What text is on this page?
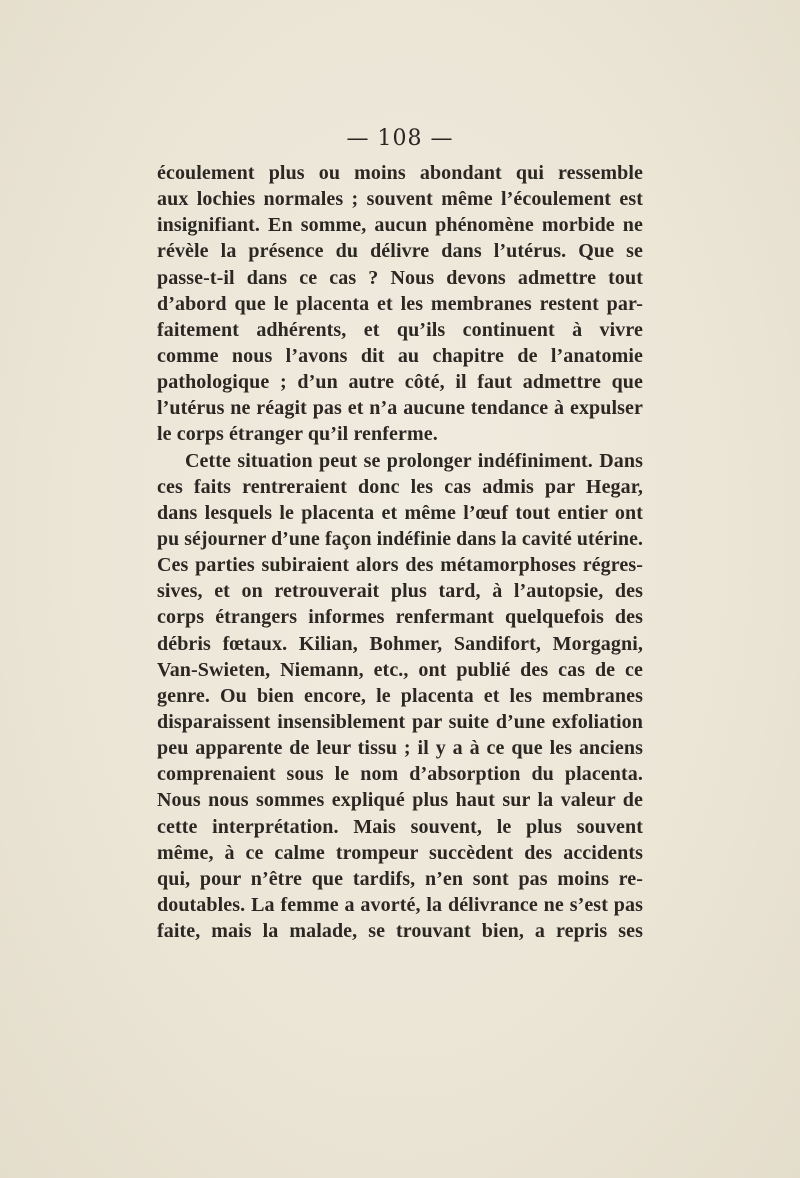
— 108 —
écoulement plus ou moins abondant qui ressemble
aux lochies normales ; souvent même l’écoulement est
insignifiant. En somme, aucun phénomène morbide ne
révèle la présence du délivre dans l’utérus. Que se
passe-t-il dans ce cas ? Nous devons admettre tout
d’abord que le placenta et les membranes restent par-
faitement adhérents, et qu’ils continuent à vivre
comme nous l’avons dit au chapitre de l’anatomie
pathologique ; d’un autre côté, il faut admettre que
l’utérus ne réagit pas et n’a aucune tendance à expulser
le corps étranger qu’il renferme.
Cette situation peut se prolonger indéfiniment. Dans
ces faits rentreraient donc les cas admis par Hegar,
dans lesquels le placenta et même l’œuf tout entier ont
pu séjourner d’une façon indéfinie dans la cavité utérine.
Ces parties subiraient alors des métamorphoses régres-
sives, et on retrouverait plus tard, à l’autopsie, des
corps étrangers informes renfermant quelquefois des
débris fœtaux. Kilian, Bohmer, Sandifort, Morgagni,
Van-Swieten, Niemann, etc., ont publié des cas de ce
genre. Ou bien encore, le placenta et les membranes
disparaissent insensiblement par suite d’une exfoliation
peu apparente de leur tissu ; il y a à ce que les anciens
comprenaient sous le nom d’absorption du placenta.
Nous nous sommes expliqué plus haut sur la valeur de
cette interprétation. Mais souvent, le plus souvent
même, à ce calme trompeur succèdent des accidents
qui, pour n’être que tardifs, n’en sont pas moins re-
doutables. La femme a avorté, la délivrance ne s’est pas
faite, mais la malade, se trouvant bien, a repris ses
